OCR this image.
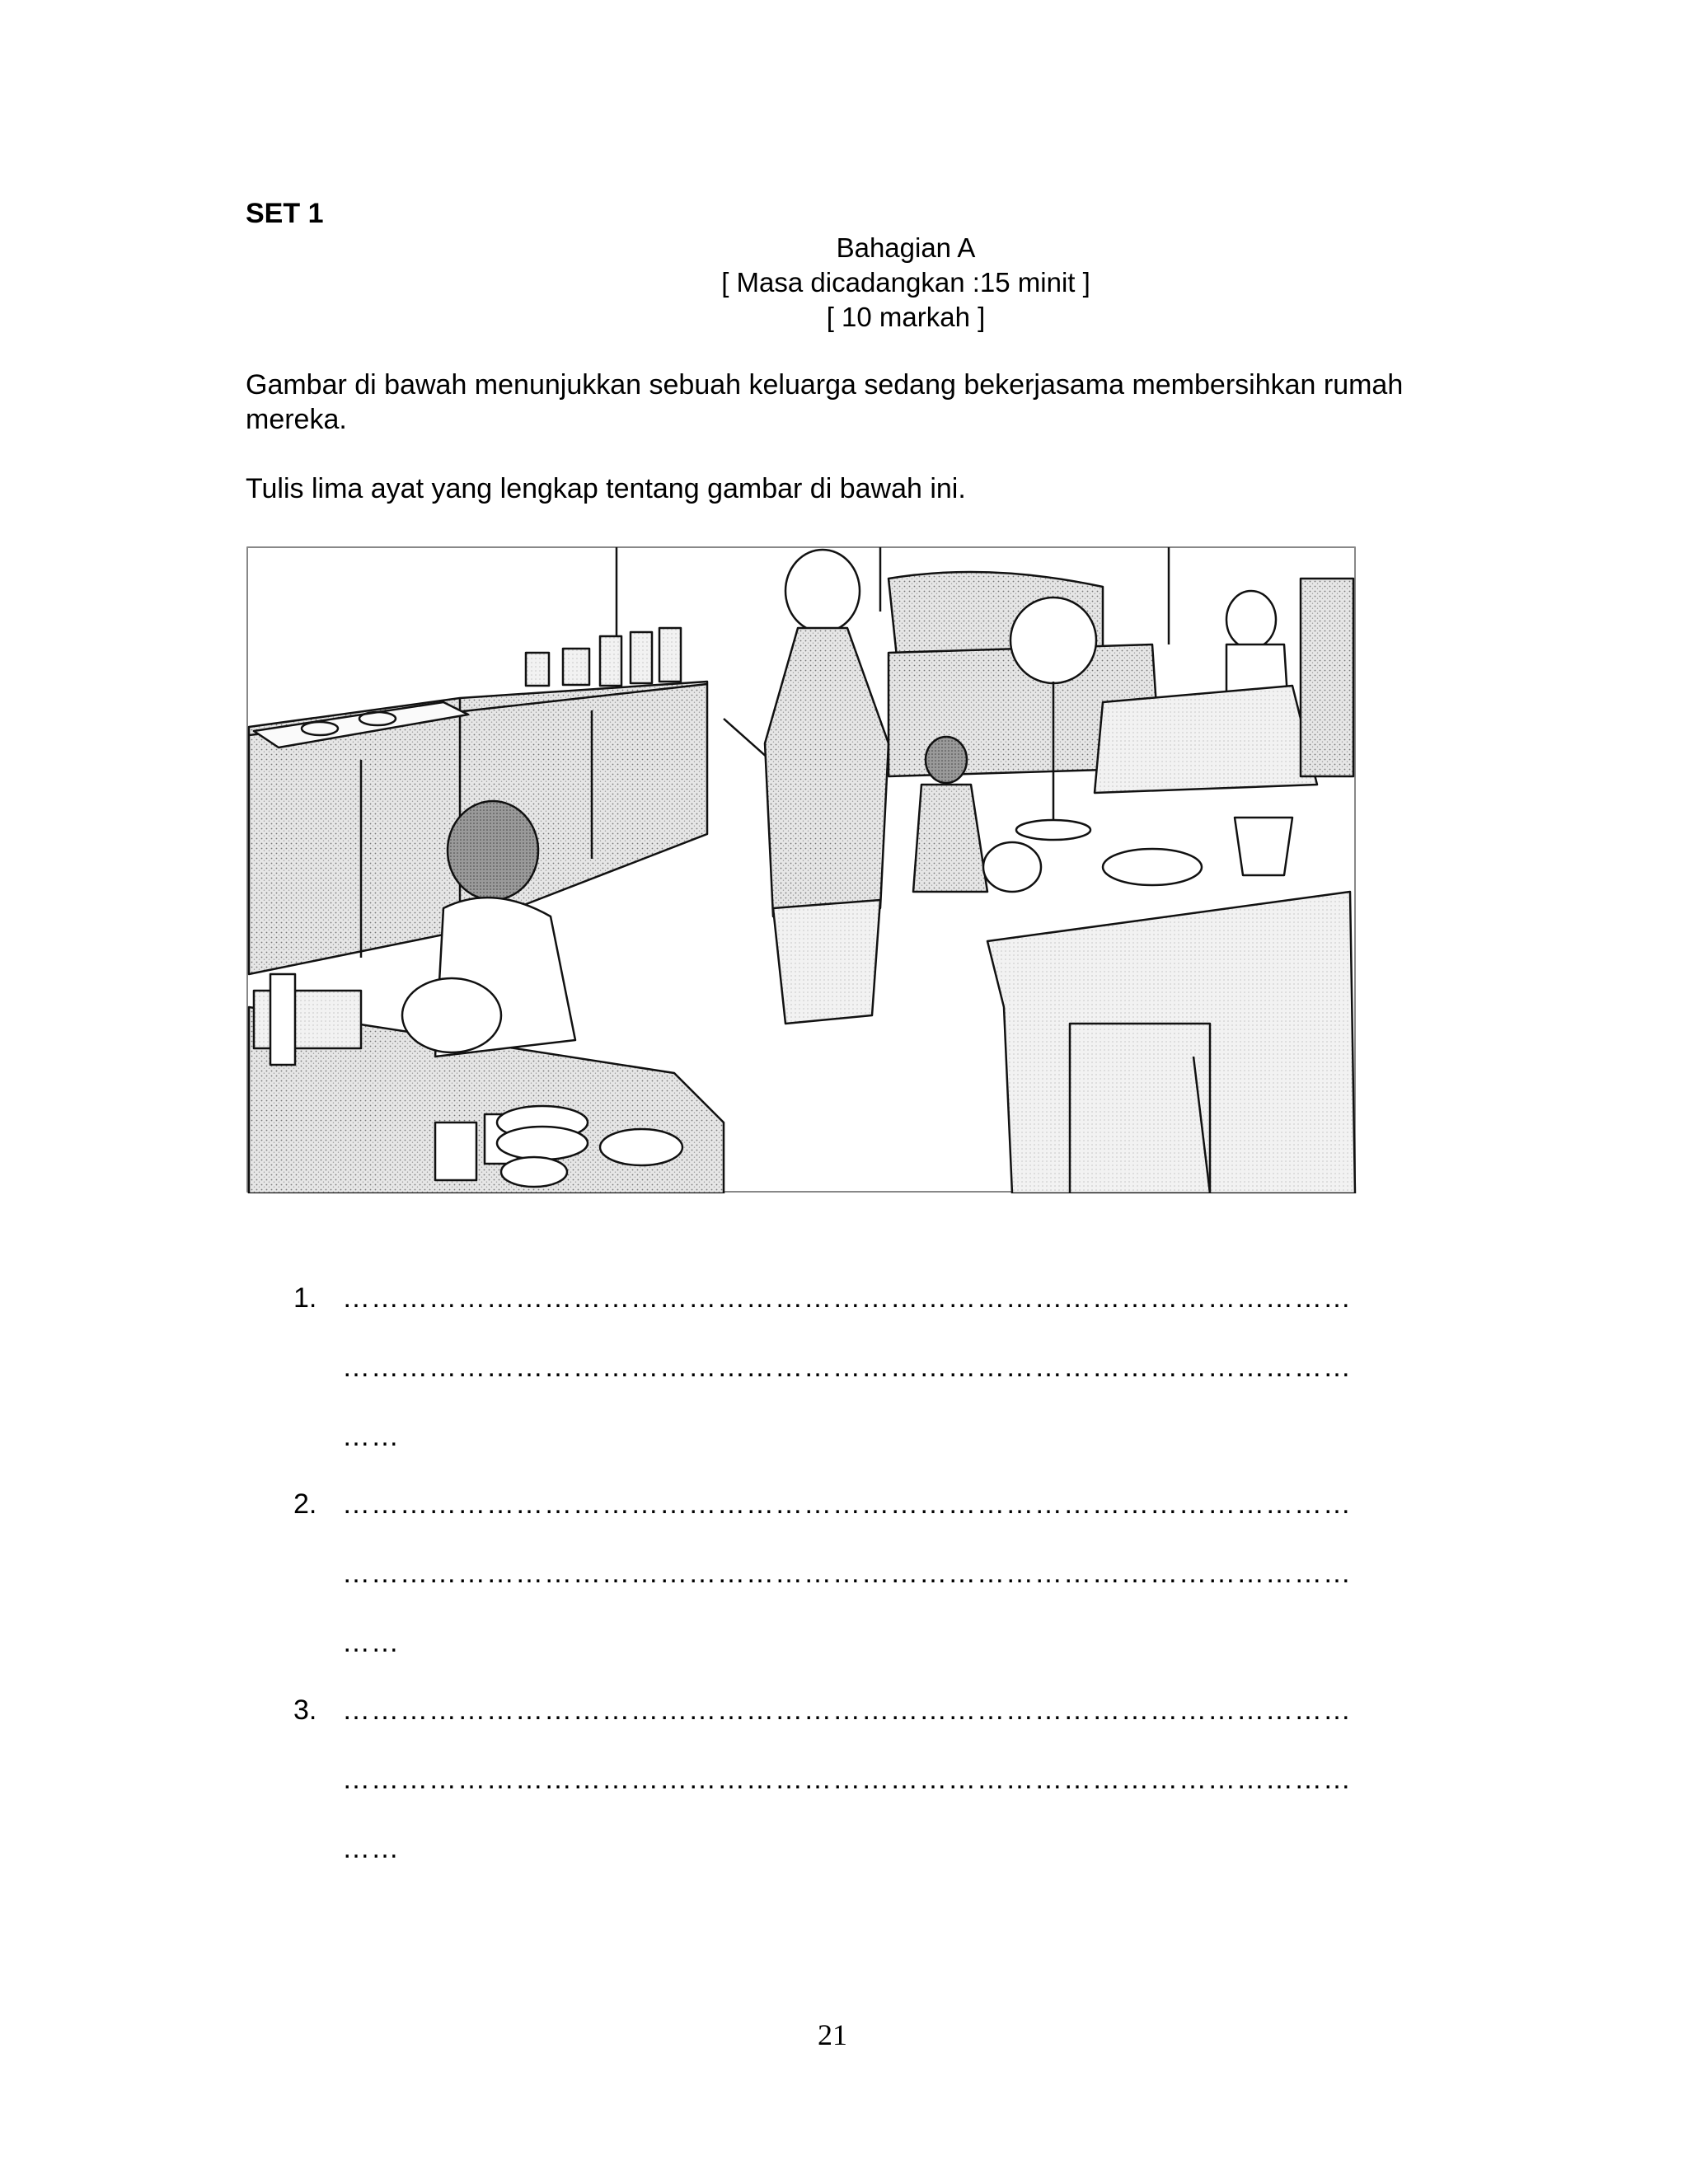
SET 1
Bahagian A
[ Masa dicadangkan :15 minit ]
[ 10 markah ]
Gambar di bawah menunjukkan sebuah keluarga sedang bekerjasama membersihkan rumah mereka.
Tulis lima ayat yang lengkap tentang gambar di bawah ini.
1. ……………………………………………………………………………………………
……………………………………………………………………………………………
……
2. ……………………………………………………………………………………………
……………………………………………………………………………………………
……
3. ……………………………………………………………………………………………
……………………………………………………………………………………………
……
21
